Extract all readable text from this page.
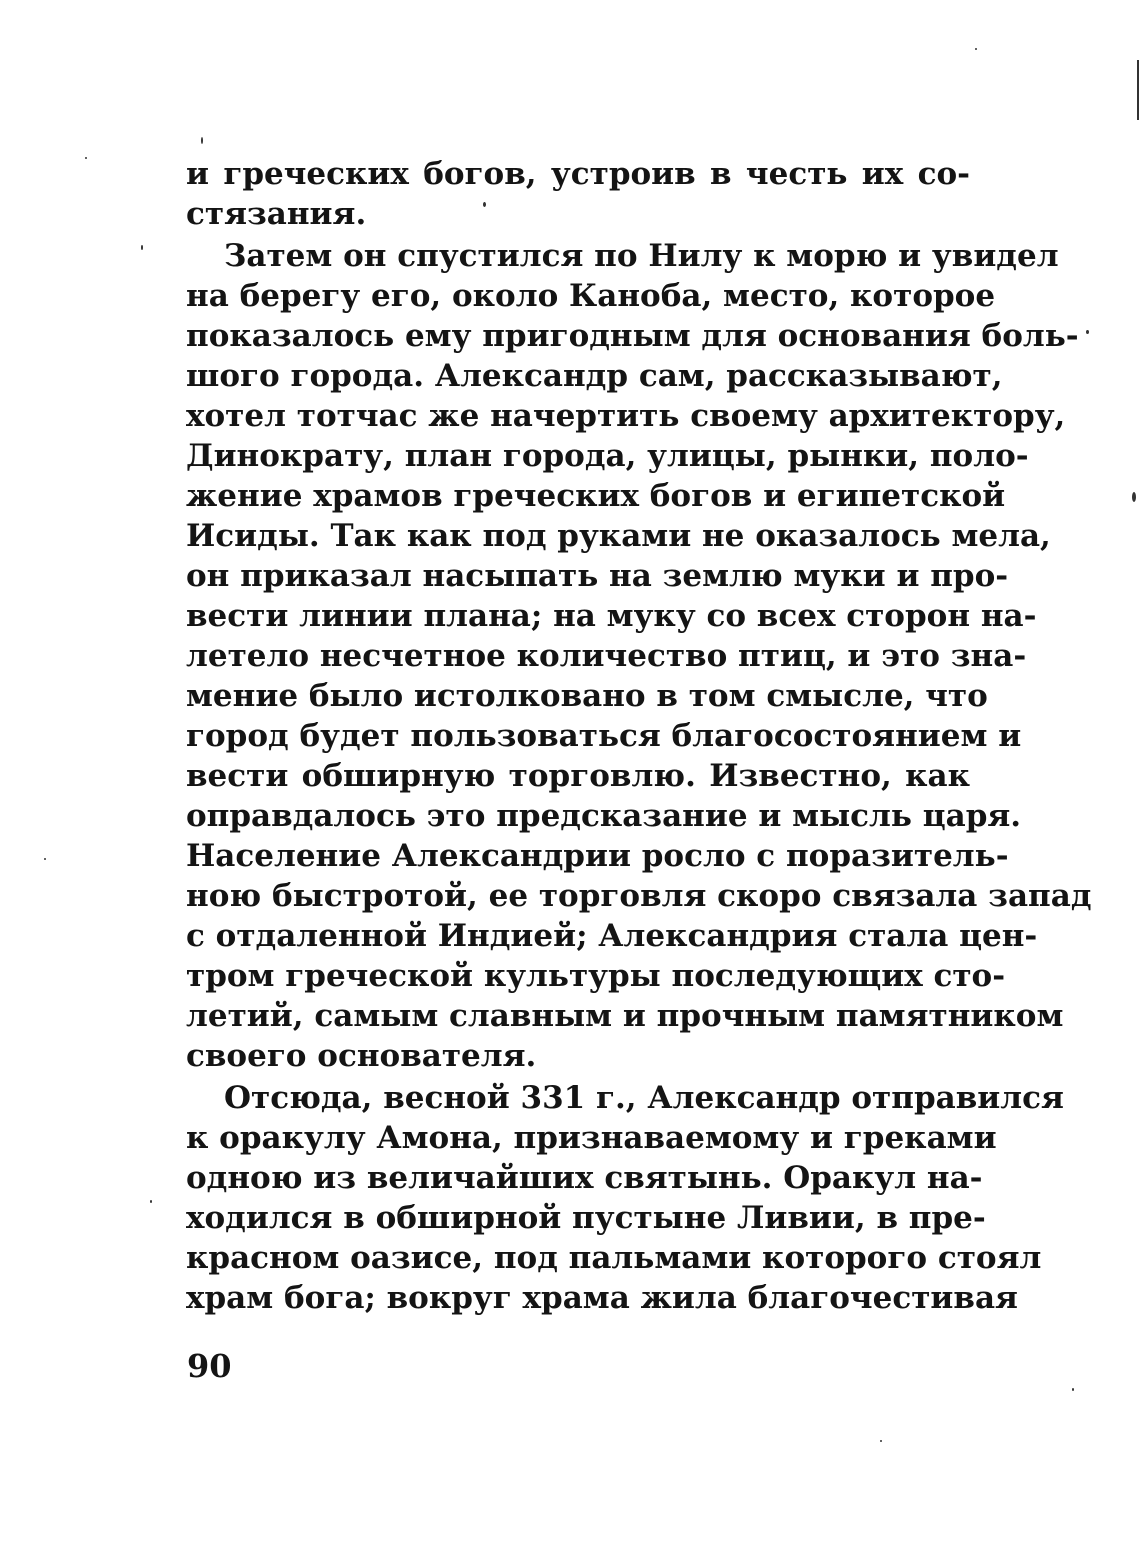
и греческих богов, устроив в честь их со-
стязания.
Затем он спустился по Нилу к морю и увидел
на берегу его, около Каноба, место, которое
показалось ему пригодным для основания боль-
шого города. Александр сам, рассказывают,
хотел тотчас же начертить своему архитектору,
Динократу, план города, улицы, рынки, поло-
жение храмов греческих богов и египетской
Исиды. Так как под руками не оказалось мела,
он приказал насыпать на землю муки и про-
вести линии плана; на муку со всех сторон на-
летело несчетное количество птиц, и это зна-
мение было истолковано в том смысле, что
город будет пользоваться благосостоянием и
вести обширную торговлю. Известно, как
оправдалось это предсказание и мысль царя.
Население Александрии росло с поразитель-
ною быстротой, ее торговля скоро связала запад
с отдаленной Индией; Александрия стала цен-
тром греческой культуры последующих сто-
летий, самым славным и прочным памятником
своего основателя.
Отсюда, весной 331 г., Александр отправился
к оракулу Амона, признаваемому и греками
одною из величайших святынь. Оракул на-
ходился в обширной пустыне Ливии, в пре-
красном оазисе, под пальмами которого стоял
храм бога; вокруг храма жила благочестивая
90
